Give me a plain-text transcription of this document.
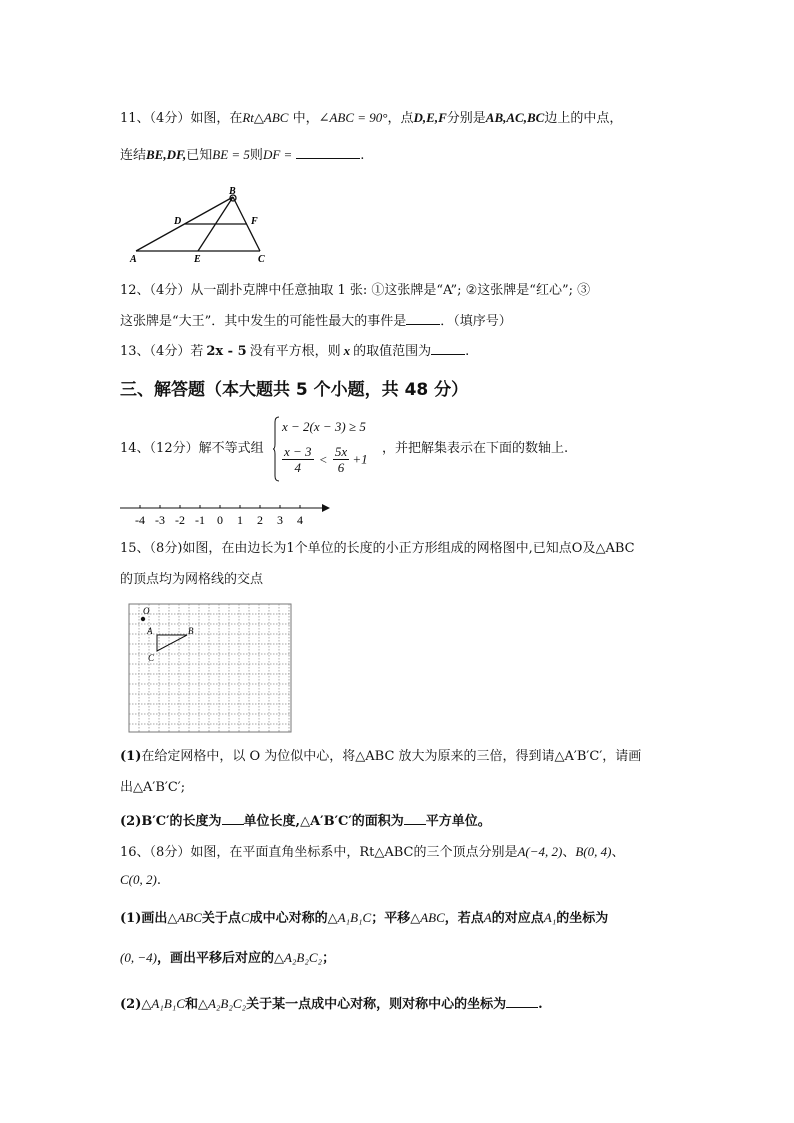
11、（4分）如图，在Rt△ABC 中，∠ABC = 90°，点D,E,F分别是AB,AC,BC边上的中点，
连结BE,DF,已知BE = 5则DF =	.
B
D	F
A	E	C
12、（4分）从一副扑克牌中任意抽取 1 张: ①这张牌是“A”; ②这张牌是“红心”; ③
这张牌是“大王”．其中发生的可能性最大的事件是	．（填序号）
13、（4分）若 2x - 5 没有平方根，则 x 的取值范围为	.
三、解答题（本大题共 5 个小题，共 48 分）
14、（12分）解不等式组
x − 2(x − 3) ≥ 5
$\frac{x - 3}{4} < \frac{5x}{6} +1$
，并把解集表示在下面的数轴上.
-4 -3 -2 -1 0 1 2 3 4
15、（8分)如图，在由边长为1个单位的长度的小正方形组成的网格图中,已知点O及△ABC
的顶点均为网格线的交点
O
A	B
C
(1)在给定网格中，以 O 为位似中心，将△ABC 放大为原来的三倍，得到请△A′B′C′，请画
出△A′B′C′;
(2)B′C′的长度为 单位长度,△A′B′C′的面积为 平方单位。
16、（8分）如图，在平面直角坐标系中，Rt△ABC的三个顶点分别是A(−4, 2)、B(0, 4)、
C(0, 2).
(1)画出△ABC关于点C成中心对称的△A₁B₁C；平移△ABC，若点A的对应点A₁的坐标为
(0, −4)，画出平移后对应的△A₂B₂C₂；
(2)△A₁B₁C和△A₂B₂C₂关于某一点成中心对称，则对称中心的坐标为 .
